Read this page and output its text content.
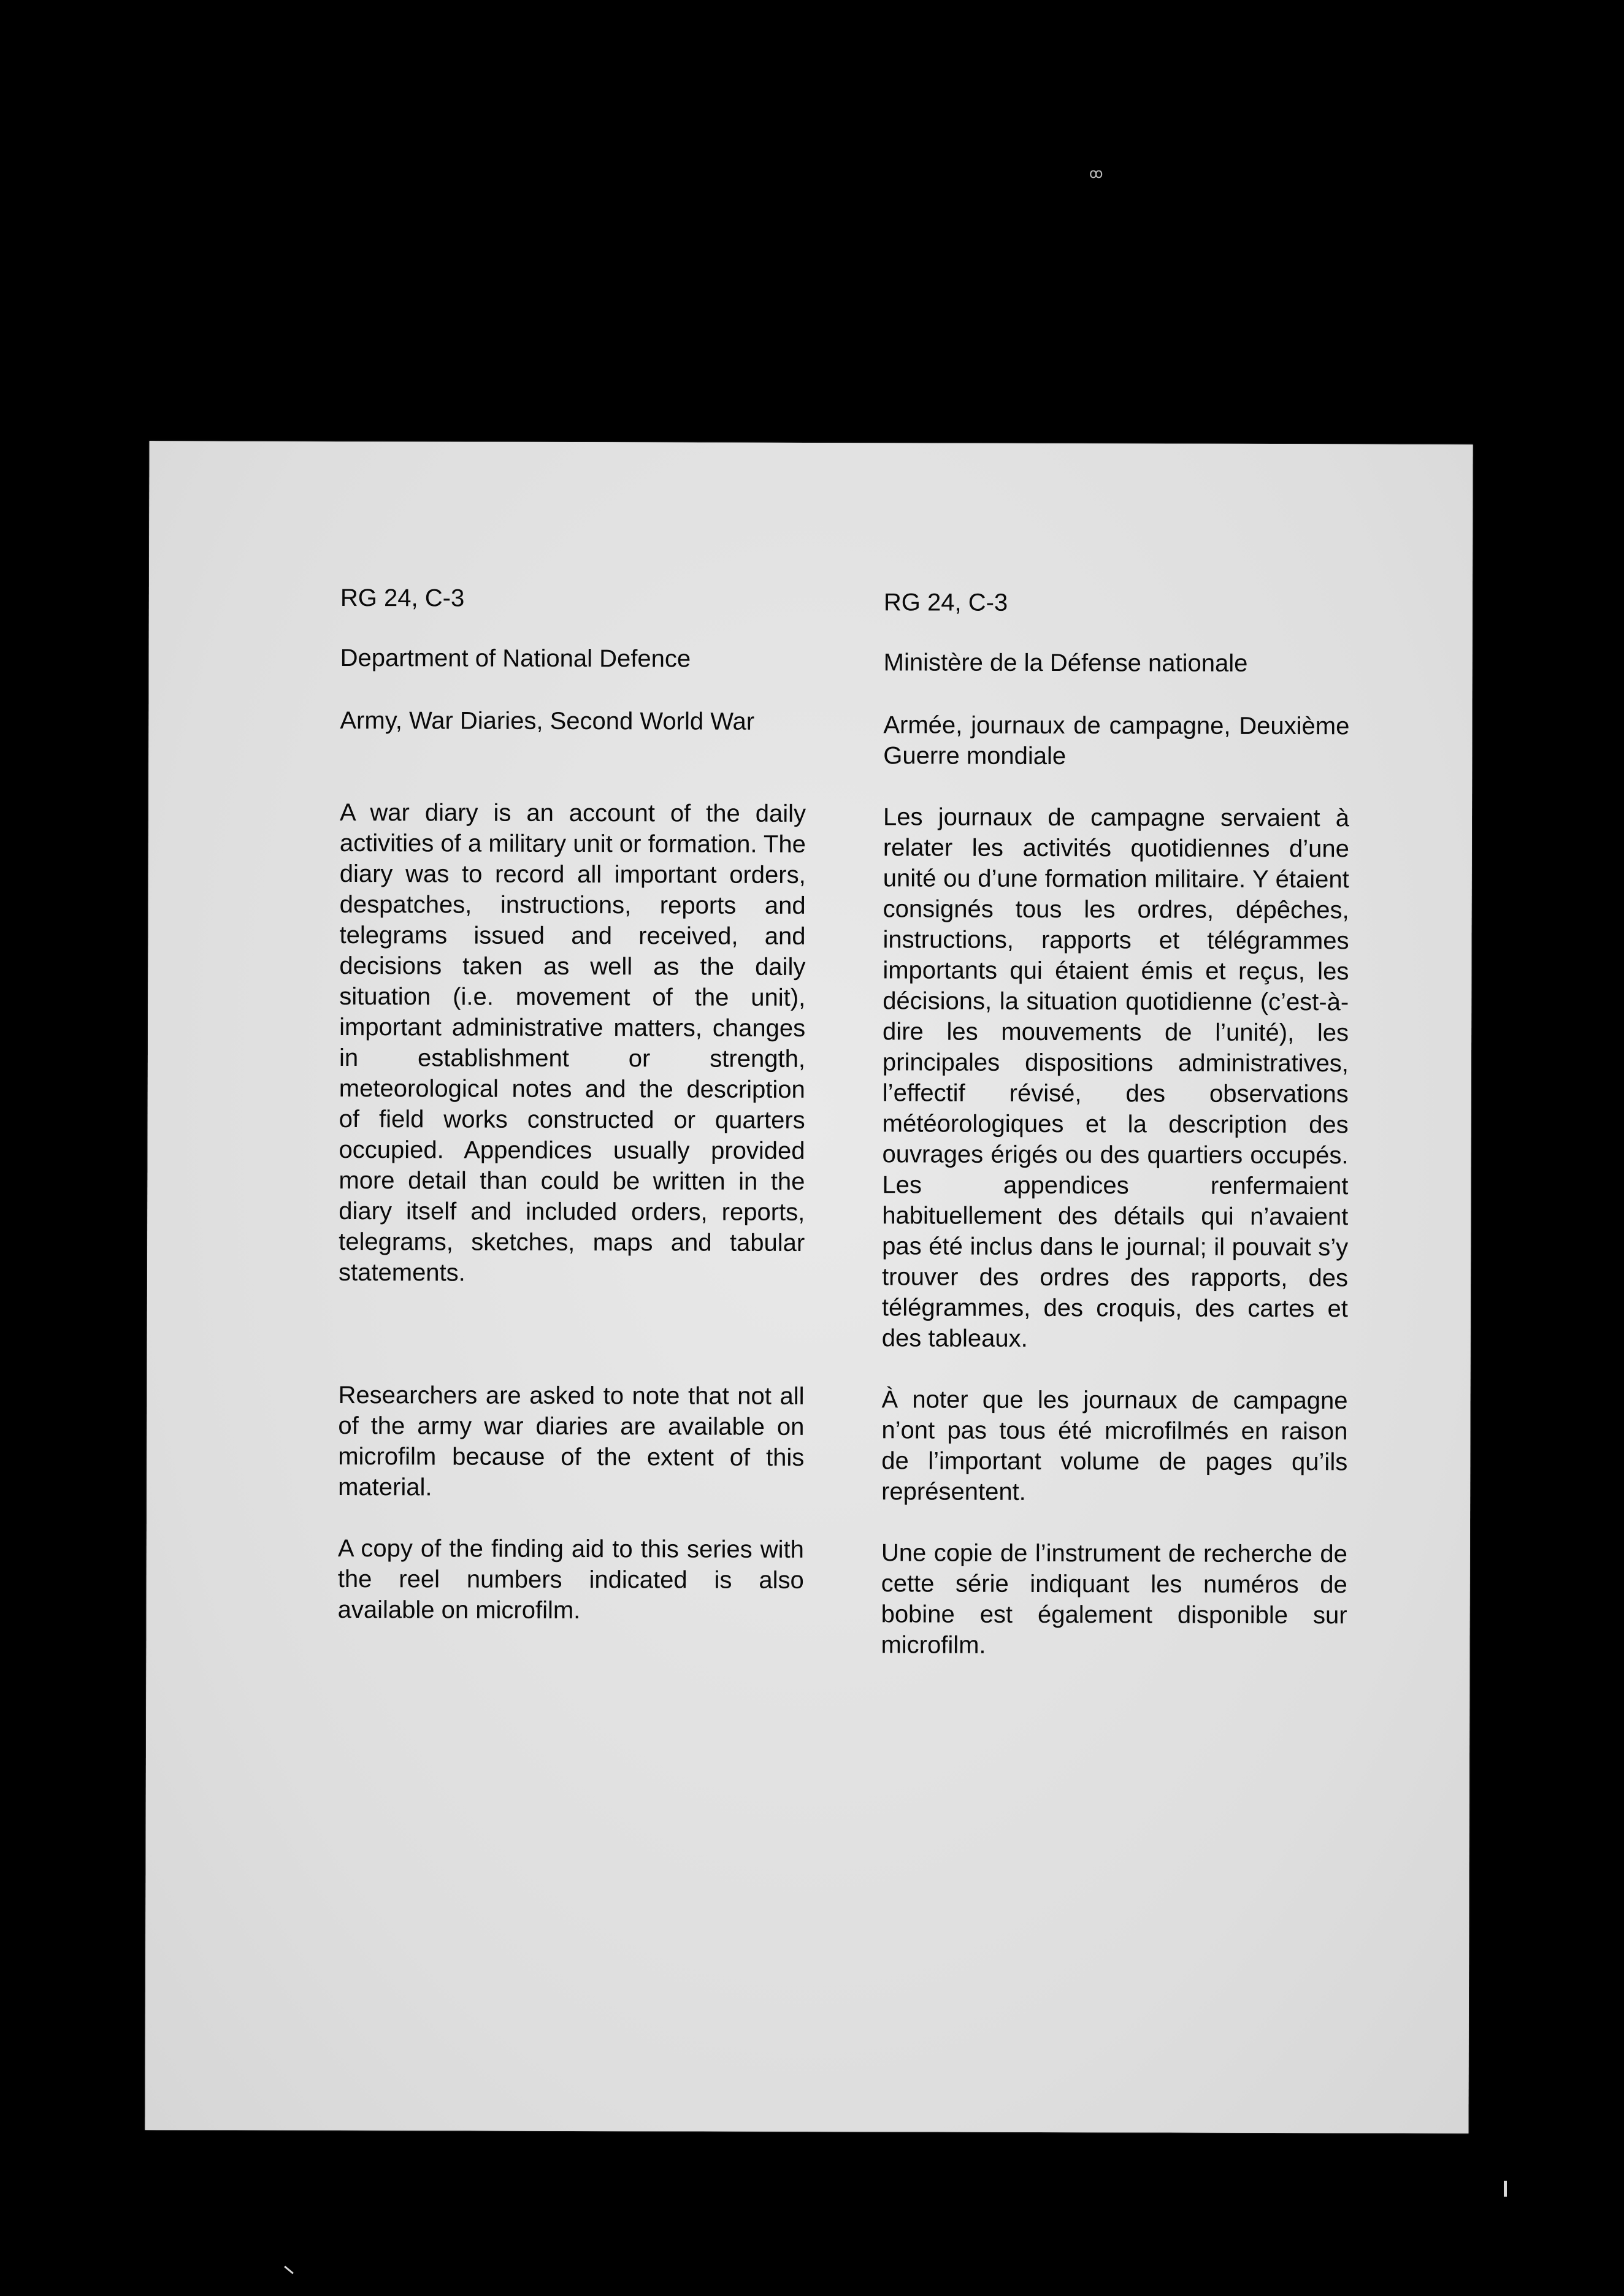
RG 24, C-3

Department of National Defence

Army, War Diaries, Second World War

A war diary is an account of the daily activities of a military unit or formation. The diary was to record all important orders, despatches, instructions, reports and telegrams issued and received, and decisions taken as well as the daily situation (i.e. movement of the unit), important administrative matters, changes in establishment or strength, meteorological notes and the description of field works constructed or quarters occupied. Appendices usually provided more detail than could be written in the diary itself and included orders, reports, telegrams, sketches, maps and tabular statements.

Researchers are asked to note that not all of the army war diaries are available on microfilm because of the extent of this material.

A copy of the finding aid to this series with the reel numbers indicated is also available on microfilm.

RG 24, C-3

Ministère de la Défense nationale

Armée, journaux de campagne, Deuxième Guerre mondiale

Les journaux de campagne servaient à relater les activités quotidiennes d’une unité ou d’une formation militaire. Y étaient consignés tous les ordres, dépêches, instructions, rapports et télégrammes importants qui étaient émis et reçus, les décisions, la situation quotidienne (c’est-à-dire les mouvements de l’unité), les principales dispositions administratives, l’effectif révisé, des observations météorologiques et la description des ouvrages érigés ou des quartiers occupés. Les appendices renfermaient habituellement des détails qui n’avaient pas été inclus dans le journal; il pouvait s’y trouver des ordres des rapports, des télégrammes, des croquis, des cartes et des tableaux.

À noter que les journaux de campagne n’ont pas tous été microfilmés en raison de l’important volume de pages qu’ils représentent.

Une copie de l’instrument de recherche de cette série indiquant les numéros de bobine est également disponible sur microfilm.

ꝏ
